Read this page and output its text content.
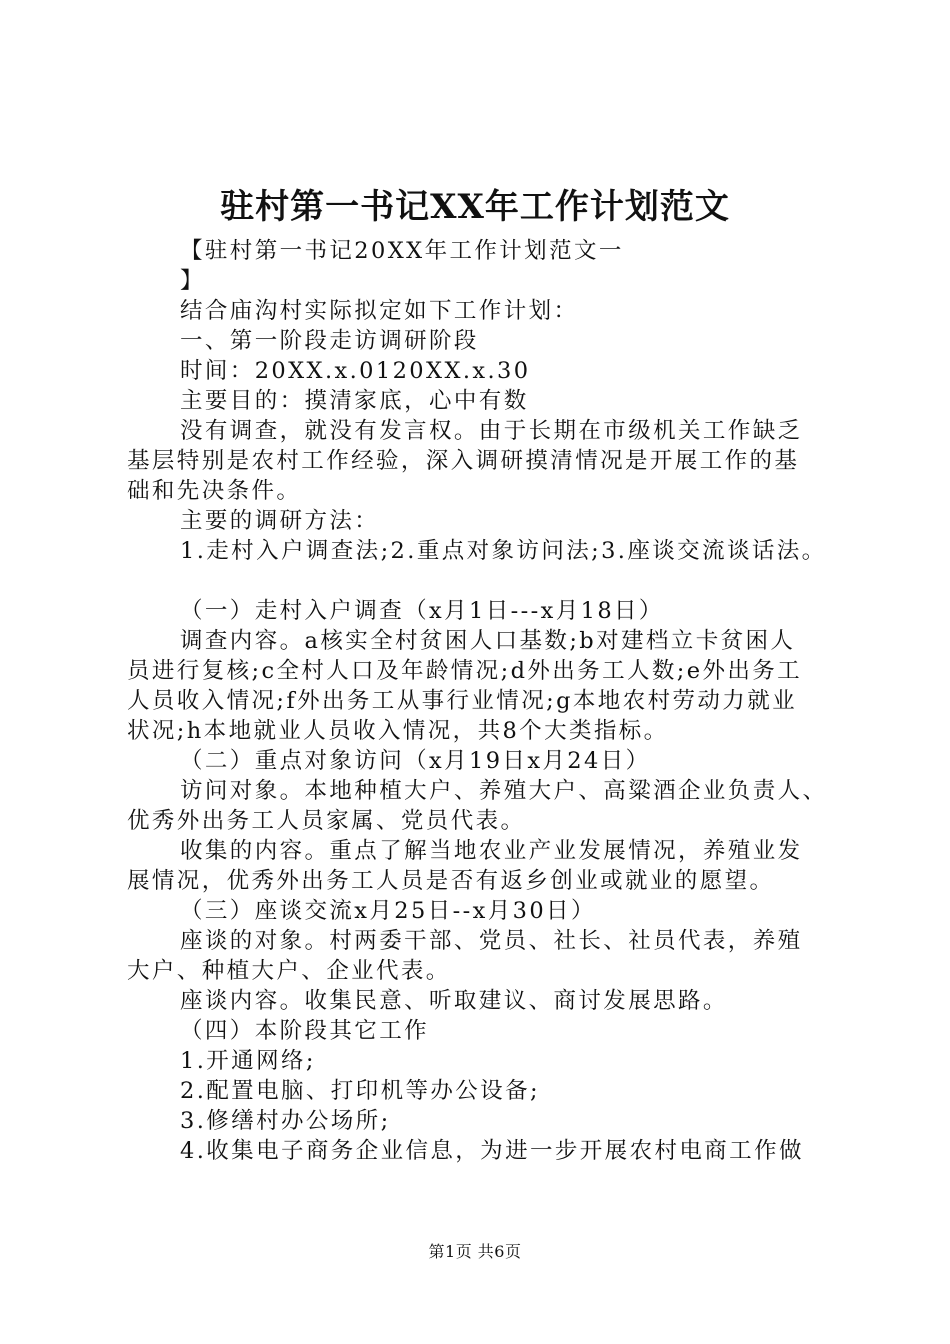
驻村第一书记XX年工作计划范文
【驻村第一书记20XX年工作计划范文一
】
结合庙沟村实际拟定如下工作计划：
一、第一阶段走访调研阶段
时间：20XX.x.0120XX.x.30
主要目的：摸清家底，心中有数
没有调查，就没有发言权。由于长期在市级机关工作缺乏
基层特别是农村工作经验，深入调研摸清情况是开展工作的基
础和先决条件。
主要的调研方法：
1.走村入户调查法;2.重点对象访问法;3.座谈交流谈话法。
（一）走村入户调查（x月1日---x月18日）
调查内容。a核实全村贫困人口基数;b对建档立卡贫困人
员进行复核;c全村人口及年龄情况;d外出务工人数;e外出务工
人员收入情况;f外出务工从事行业情况;g本地农村劳动力就业
状况;h本地就业人员收入情况，共8个大类指标。
（二）重点对象访问（x月19日x月24日）
访问对象。本地种植大户、养殖大户、高粱酒企业负责人、
优秀外出务工人员家属、党员代表。
收集的内容。重点了解当地农业产业发展情况，养殖业发
展情况，优秀外出务工人员是否有返乡创业或就业的愿望。
（三）座谈交流x月25日--x月30日）
座谈的对象。村两委干部、党员、社长、社员代表，养殖
大户、种植大户、企业代表。
座谈内容。收集民意、听取建议、商讨发展思路。
（四）本阶段其它工作
1.开通网络;
2.配置电脑、打印机等办公设备;
3.修缮村办公场所;
4.收集电子商务企业信息，为进一步开展农村电商工作做
第1页 共6页
